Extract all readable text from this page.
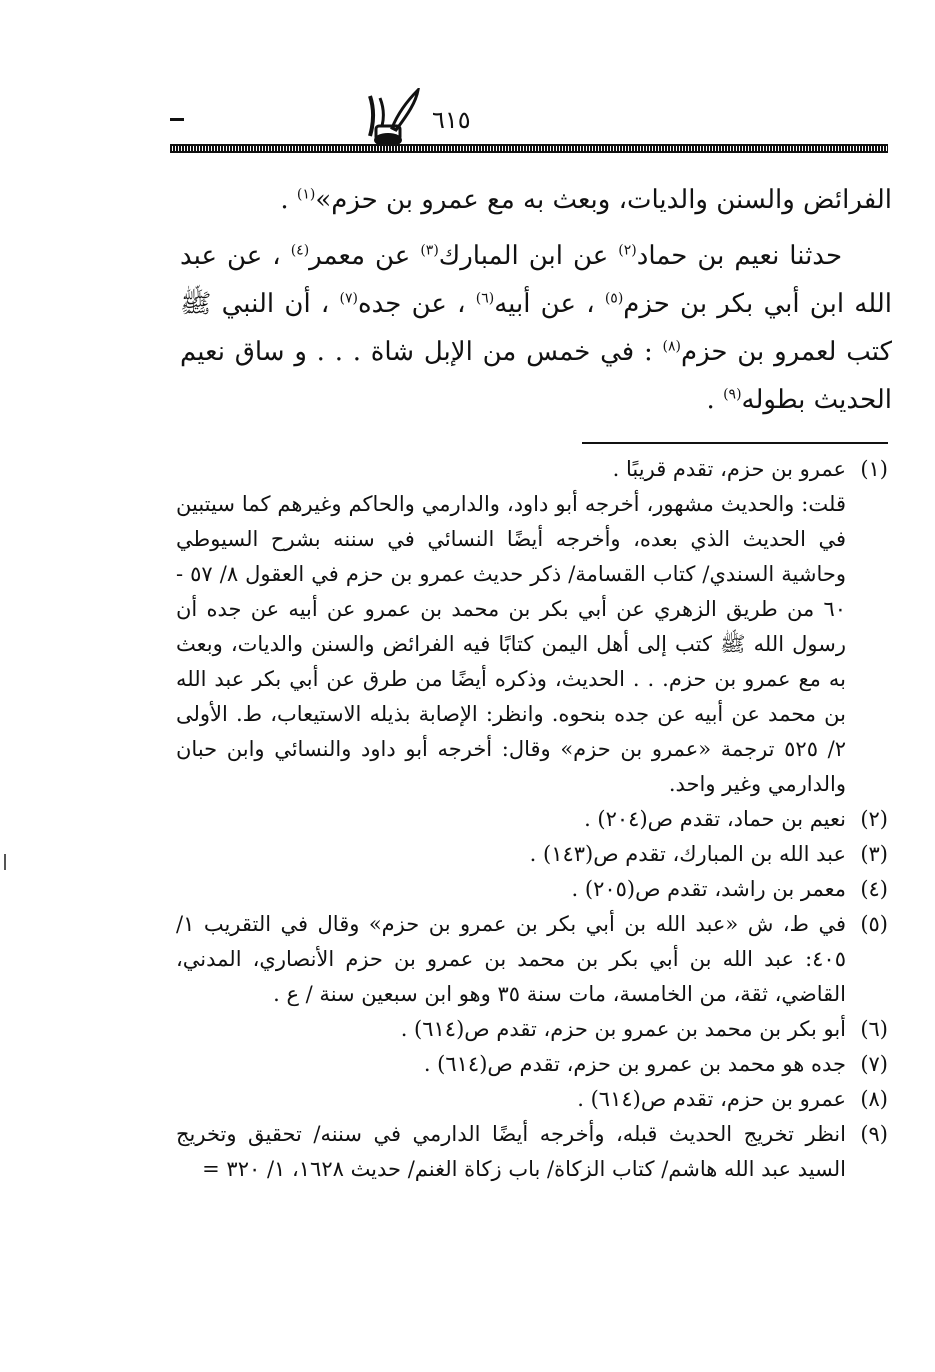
٦١٥

الفرائض والسنن والديات، وبعث به مع عمرو بن حزم»$^{(١)}$ .

حدثنا نعيم بن حماد$^{(٢)}$ عن ابن المبارك$^{(٣)}$ عن معمر$^{(٤)}$ ، عن عبد الله ابن أبي بكر بن حزم$^{(٥)}$ ، عن أبيه$^{(٦)}$ ، عن جده$^{(٧)}$ ، أن النبي ﷺ كتب لعمرو بن حزم$^{(٨)}$ : في خمس من الإبل شاة . . . و ساق نعيم الحديث بطوله$^{(٩)}$ .

(١)
عمرو بن حزم، تقدم قريبًا .
قلت: والحديث مشهور، أخرجه أبو داود، والدارمي والحاكم وغيرهم كما سيتبين في الحديث الذي بعده، وأخرجه أيضًا النسائي في سننه بشرح السيوطي وحاشية السندي/ كتاب القسامة/ ذكر حديث عمرو بن حزم في العقول ٨/ ٥٧ - ٦٠ من طريق الزهري عن أبي بكر بن محمد بن عمرو عن أبيه عن جده أن رسول الله ﷺ كتب إلى أهل اليمن كتابًا فيه الفرائض والسنن والديات، وبعث به مع عمرو بن حزم. . . الحديث، وذكره أيضًا من طرق عن أبي بكر عبد الله بن محمد عن أبيه عن جده بنحوه. وانظر: الإصابة بذيله الاستيعاب، ط. الأولى ٢/ ٥٢٥ ترجمة «عمرو بن حزم» وقال: أخرجه أبو داود والنسائي وابن حبان والدارمي وغير واحد.
(٢)
نعيم بن حماد، تقدم ص(٢٠٤) .
(٣)
عبد الله بن المبارك، تقدم ص(١٤٣) .
(٤)
معمر بن راشد، تقدم ص(٢٠٥) .
(٥)
في ط، ش «عبد الله بن أبي بكر بن عمرو بن حزم» وقال في التقريب ١/ ٤٠٥: عبد الله بن أبي بكر بن محمد بن عمرو بن حزم الأنصاري، المدني، القاضي، ثقة، من الخامسة، مات سنة ٣٥ وهو ابن سبعين سنة / ع .
(٦)
أبو بكر بن محمد بن عمرو بن حزم، تقدم ص(٦١٤) .
(٧)
جده هو محمد بن عمرو بن حزم، تقدم ص(٦١٤) .
(٨)
عمرو بن حزم، تقدم ص(٦١٤) .
(٩)
انظر تخريج الحديث قبله، وأخرجه أيضًا الدارمي في سننه/ تحقيق وتخريج السيد عبد الله هاشم/ كتاب الزكاة/ باب زكاة الغنم/ حديث ١٦٢٨، ١/ ٣٢٠ =
